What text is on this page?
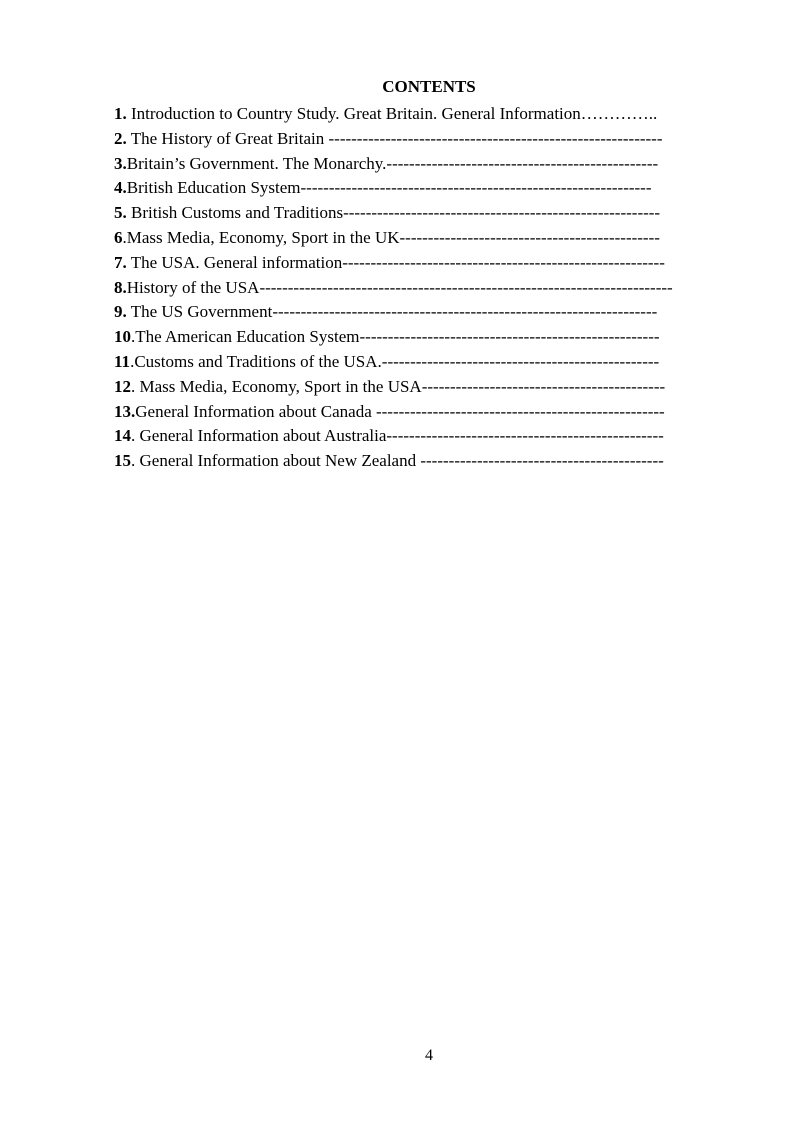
CONTENTS
1. Introduction to Country Study. Great Britain. General Information…………..
2. The History of Great Britain -----------------------------------------------------------
3.Britain’s Government. The Monarchy.------------------------------------------------
4.British Education System--------------------------------------------------------------
5. British Customs and Traditions--------------------------------------------------------
6.Mass Media, Economy, Sport in the UK----------------------------------------------
7. The USA. General information---------------------------------------------------------
8.History of the USA-------------------------------------------------------------------------
9. The US Government--------------------------------------------------------------------
10.The American Education System-----------------------------------------------------
11.Customs and Traditions of the USA.-------------------------------------------------
12. Mass Media, Economy, Sport in the USA-------------------------------------------
13.General Information about Canada ---------------------------------------------------
14. General Information about Australia-------------------------------------------------
15. General Information about New Zealand -------------------------------------------
4
